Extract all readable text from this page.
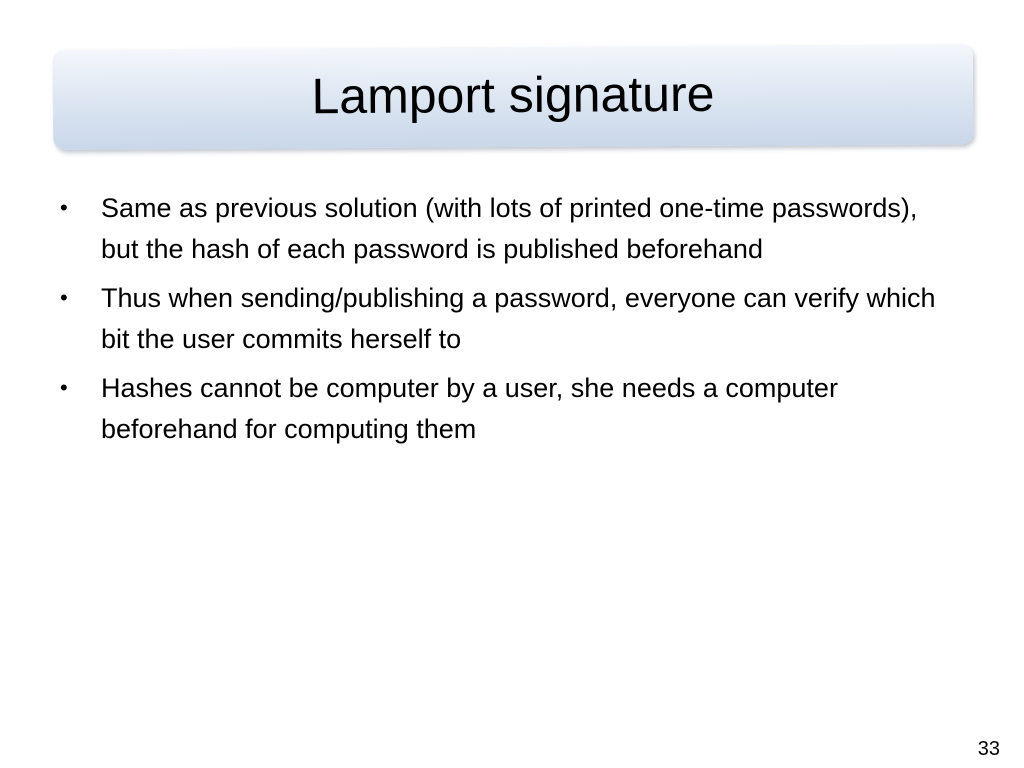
Lamport signature
•	Same as previous solution (with lots of printed one-time passwords), but the hash of each password is published beforehand
•	Thus when sending/publishing a password, everyone can verify which bit the user commits herself to
•	Hashes cannot be computer by a user, she needs a computer beforehand for computing them
33
